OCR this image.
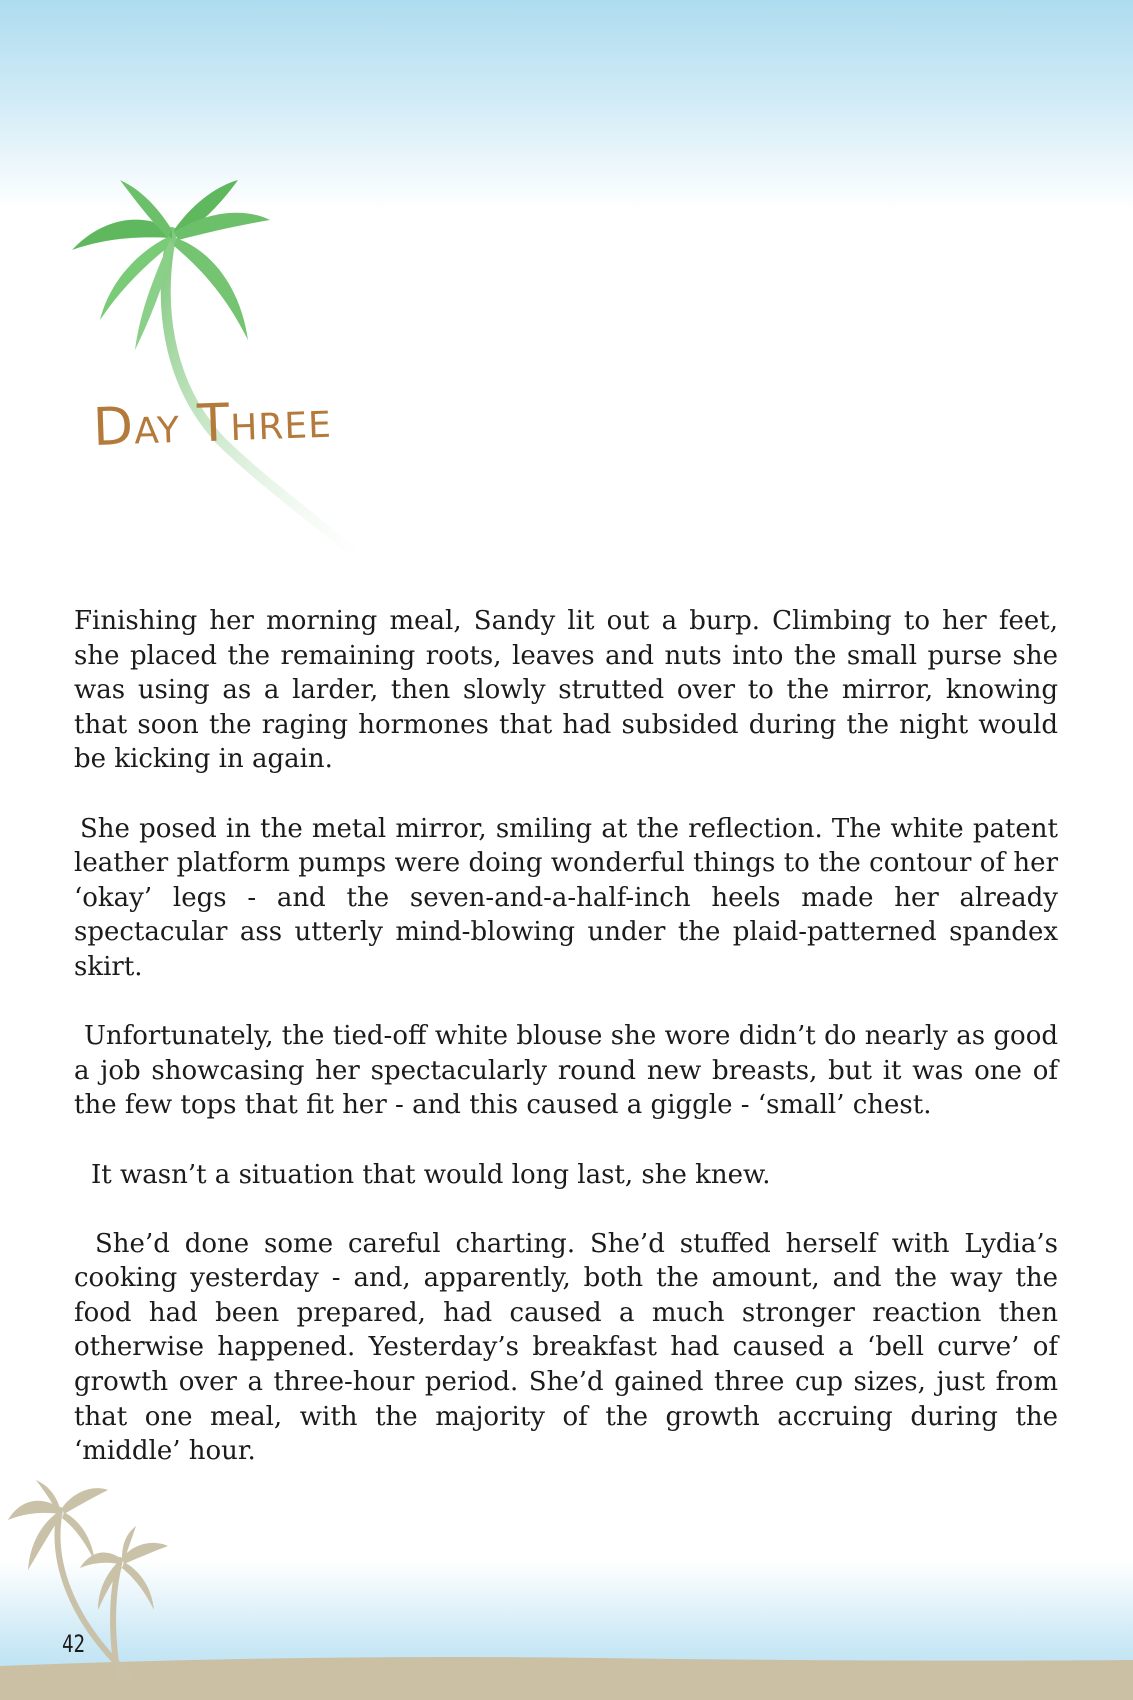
Day Three

Finishing her morning meal, Sandy lit out a burp. Climbing to her feet, she placed the remaining roots, leaves and nuts into the small purse she was using as a larder, then slowly strutted over to the mirror, knowing that soon the raging hormones that had subsided during the night would be kicking in again.

She posed in the metal mirror, smiling at the reflection. The white patent leather platform pumps were doing wonderful things to the contour of her ‘okay’ legs - and the seven-and-a-half-inch heels made her already spectacular ass utterly mind-blowing under the plaid-patterned spandex skirt.

Unfortunately, the tied-off white blouse she wore didn’t do nearly as good a job showcasing her spectacularly round new breasts, but it was one of the few tops that fit her - and this caused a giggle - ‘small’ chest.

It wasn’t a situation that would long last, she knew.

She’d done some careful charting. She’d stuffed herself with Lydia’s cooking yesterday - and, apparently, both the amount, and the way the food had been prepared, had caused a much stronger reaction then otherwise happened. Yesterday’s breakfast had caused a ‘bell curve’ of growth over a three-hour period. She’d gained three cup sizes, just from that one meal, with the majority of the growth accruing during the ‘middle’ hour.

42
